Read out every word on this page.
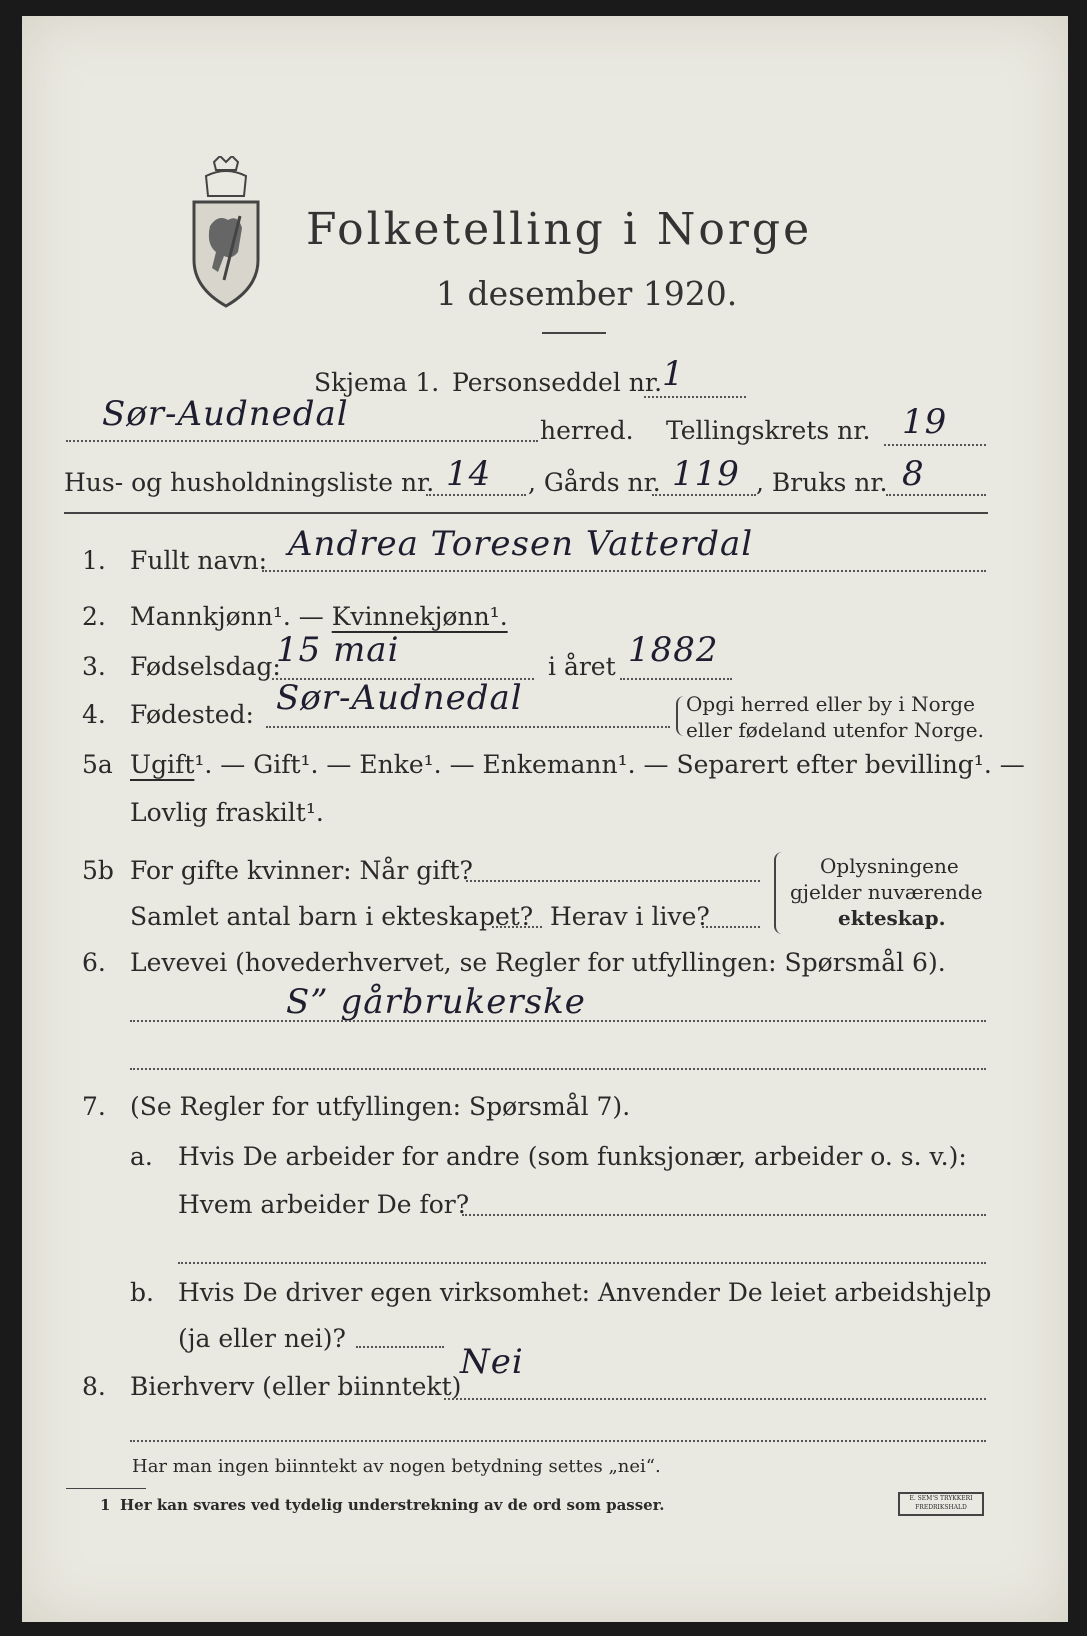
Folketelling i Norge
1 desember 1920.
Skjema 1. Personseddel nr. 1
Sør-Audnedal	herred. Tellingskrets nr. 19
Hus- og husholdningsliste nr. 14 , Gårds nr. 119 , Bruks nr. 8
1. Fullt navn: Andrea Toresen Vatterdal
2. Mannkjønn¹. — Kvinnekjønn¹.
3. Fødselsdag:
15 mai	i året 1882
4. Fødested: Sør-Audnedal	Opgi herred eller by i Norge
eller fødeland utenfor Norge.
5a Ugift¹. — Gift¹. — Enke¹. — Enkemann¹. — Separert efter bevilling¹. —
Lovlig fraskilt¹.
5b For gifte kvinner: Når gift?
Samlet antal barn i ekteskapet? Herav i live?
Oplysningene
gjelder nuværende
ekteskap.
6. Levevei (hovederhvervet, se Regler for utfyllingen: Spørsmål 6).
S” gårbrukerske
7. (Se Regler for utfyllingen: Spørsmål 7).
a. Hvis De arbeider for andre (som funksjonær, arbeider o. s. v.):
Hvem arbeider De for?
b. Hvis De driver egen virksomhet: Anvender De leiet arbeidshjelp
(ja eller nei)?
8. Bierhverv (eller biinntekt)
Nei
Har man ingen biinntekt av nogen betydning settes „nei“.
1 Her kan svares ved tydelig understrekning av de ord som passer.	E. SEM'S TRYKKERI FREDRIKSHALD
